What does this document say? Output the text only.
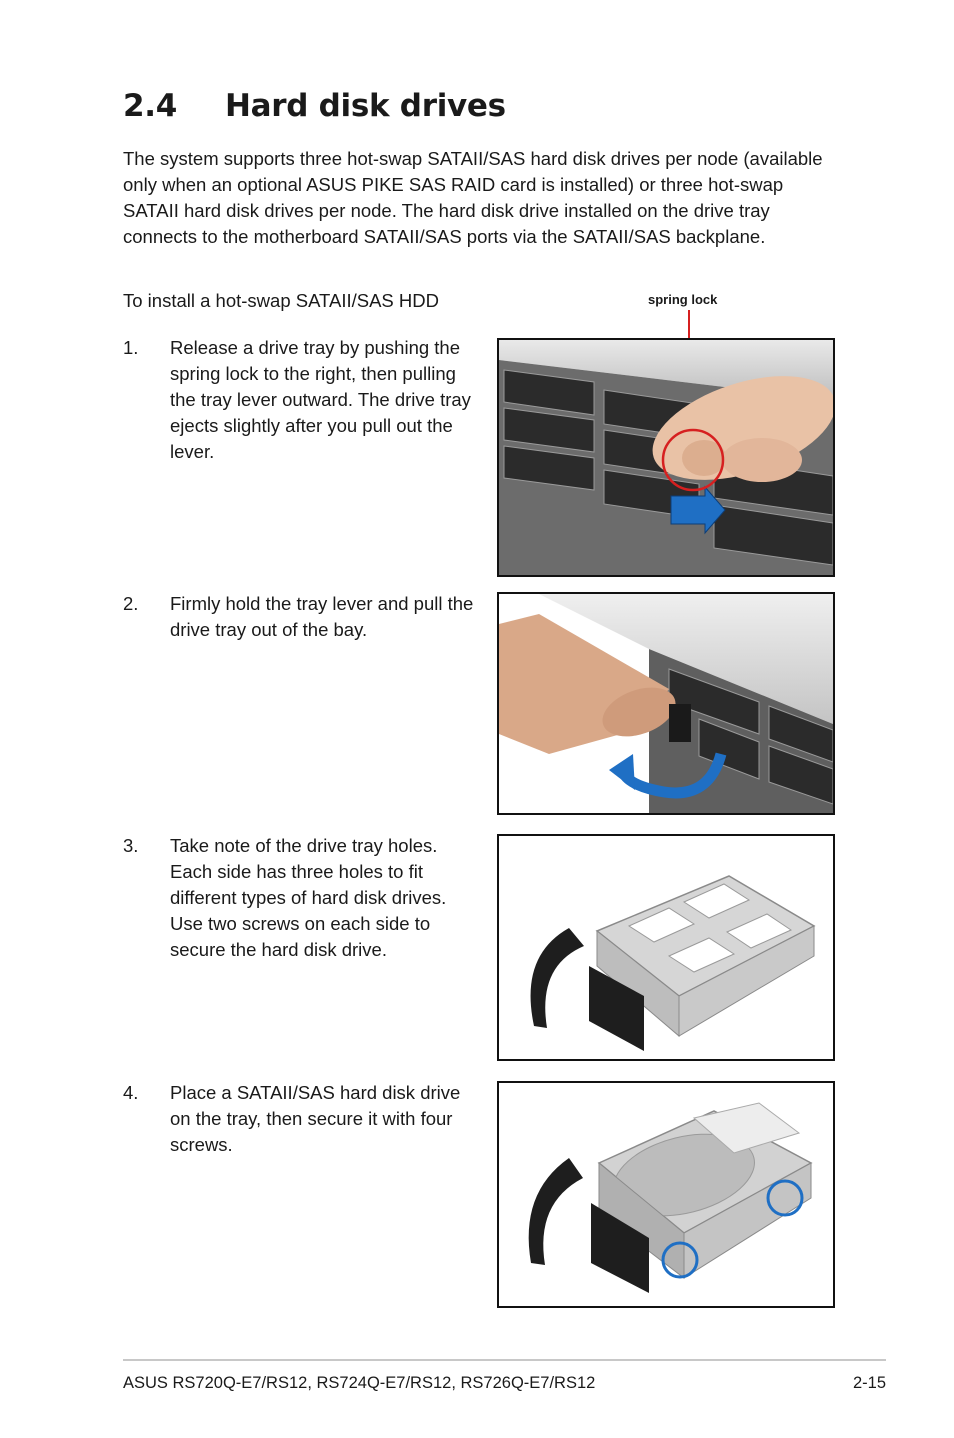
2.4 Hard disk drives

The system supports three hot-swap SATAII/SAS hard disk drives per node (available only when an optional ASUS PIKE SAS RAID card is installed) or three hot-swap SATAII hard disk drives per node. The hard disk drive installed on the drive tray connects to the motherboard SATAII/SAS ports via the SATAII/SAS backplane.

To install a hot-swap SATAII/SAS HDD

1. Release a drive tray by pushing the spring lock to the right, then pulling the tray lever outward. The drive tray ejects slightly after you pull out the lever.
2. Firmly hold the tray lever and pull the drive tray out of the bay.
3. Take note of the drive tray holes. Each side has three holes to fit different types of hard disk drives. Use two screws on each side to secure the hard disk drive.
4. Place a SATAII/SAS hard disk drive on the tray, then secure it with four screws.
spring lock
ASUS RS720Q-E7/RS12, RS724Q-E7/RS12, RS726Q-E7/RS12	2-15
